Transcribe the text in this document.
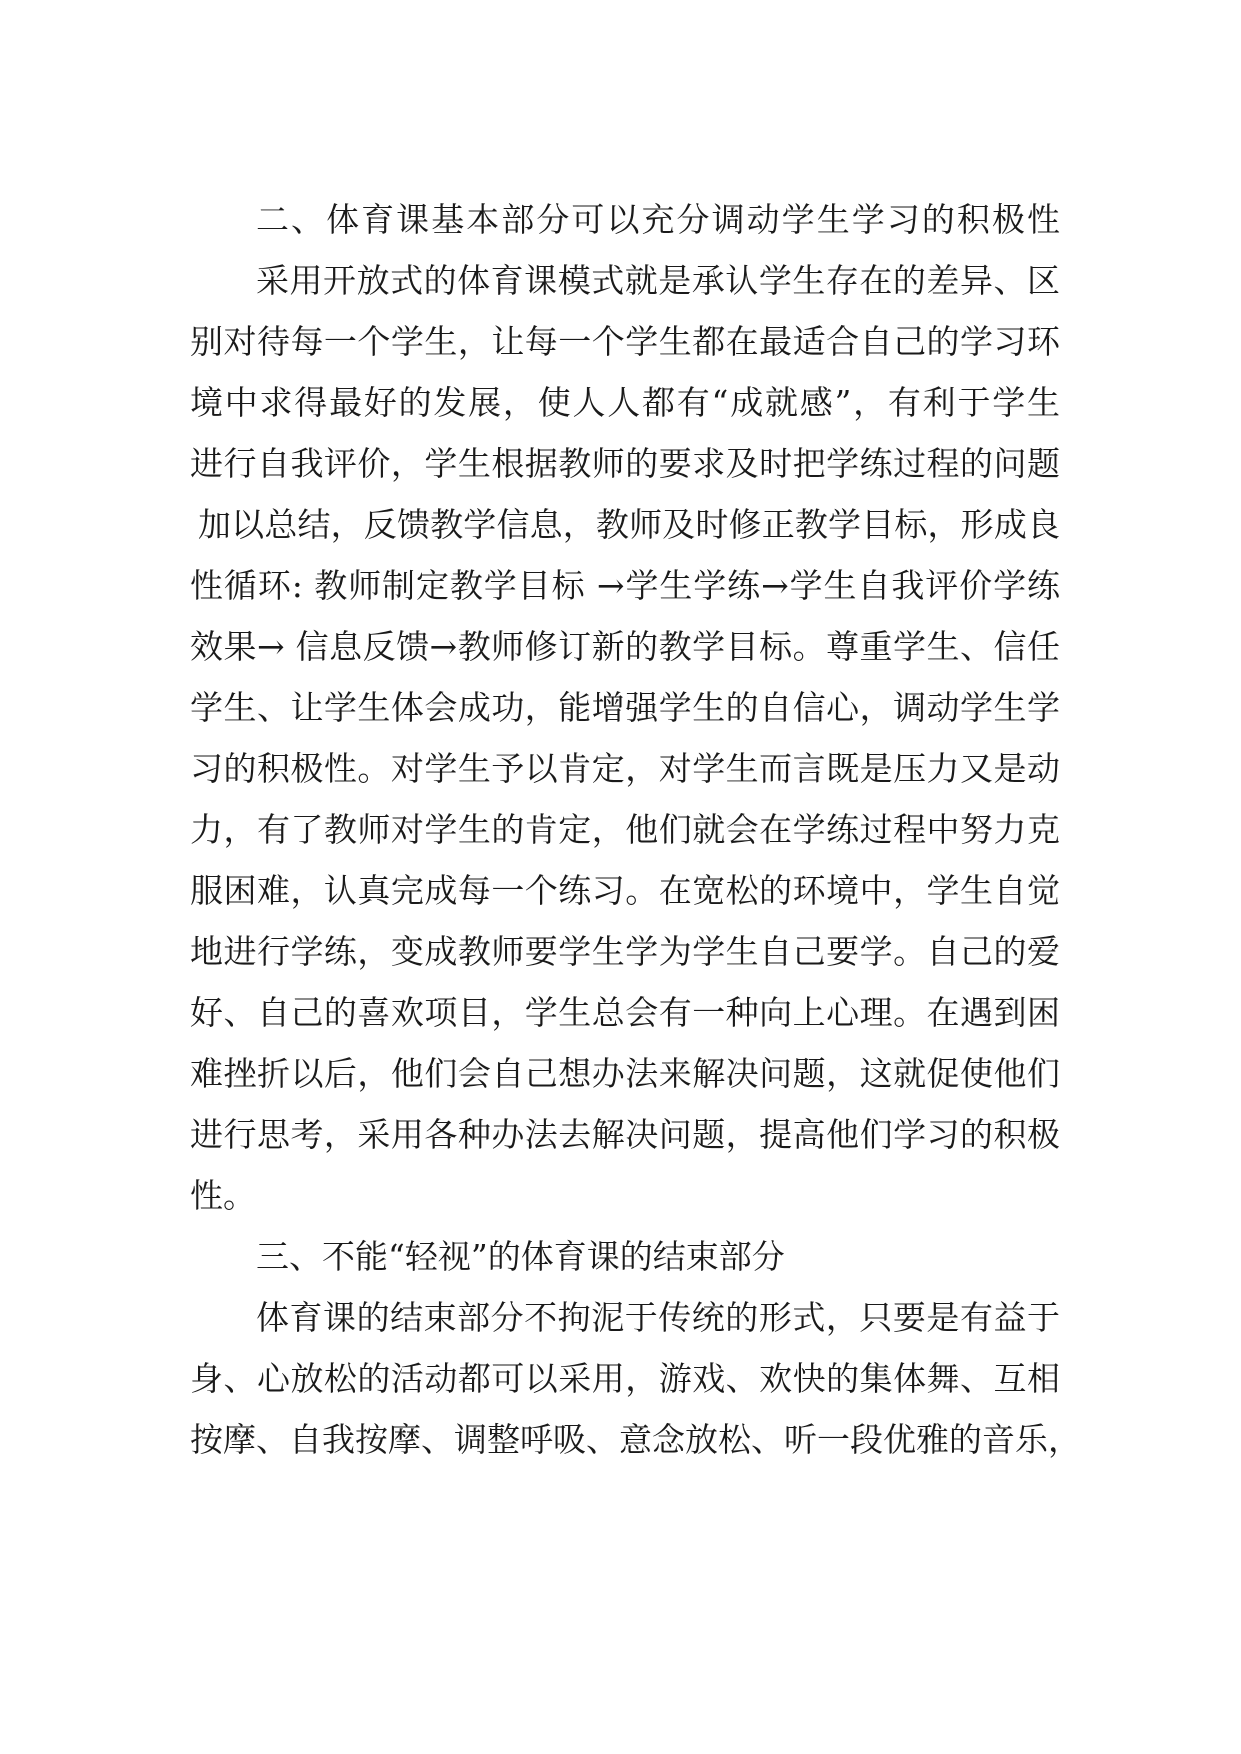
二、体育课基本部分可以充分调动学生学习的积极性
采用开放式的体育课模式就是承认学生存在的差异、区
别对待每一个学生，让每一个学生都在最适合自己的学习环
境中求得最好的发展，使人人都有“成就感”，有利于学生
进行自我评价，学生根据教师的要求及时把学练过程的问题
加以总结，反馈教学信息，教师及时修正教学目标，形成良
性循环: 教师制定教学目标 →学生学练→学生自我评价学练
效果→ 信息反馈→教师修订新的教学目标。尊重学生、信任
学生、让学生体会成功，能增强学生的自信心，调动学生学
习的积极性。对学生予以肯定，对学生而言既是压力又是动
力，有了教师对学生的肯定，他们就会在学练过程中努力克
服困难，认真完成每一个练习。在宽松的环境中，学生自觉
地进行学练，变成教师要学生学为学生自己要学。自己的爱
好、自己的喜欢项目，学生总会有一种向上心理。在遇到困
难挫折以后，他们会自己想办法来解决问题，这就促使他们
进行思考，采用各种办法去解决问题，提高他们学习的积极
性。
三、不能“轻视”的体育课的结束部分
体育课的结束部分不拘泥于传统的形式，只要是有益于
身、心放松的活动都可以采用，游戏、欢快的集体舞、互相
按摩、自我按摩、调整呼吸、意念放松、听一段优雅的音乐，
